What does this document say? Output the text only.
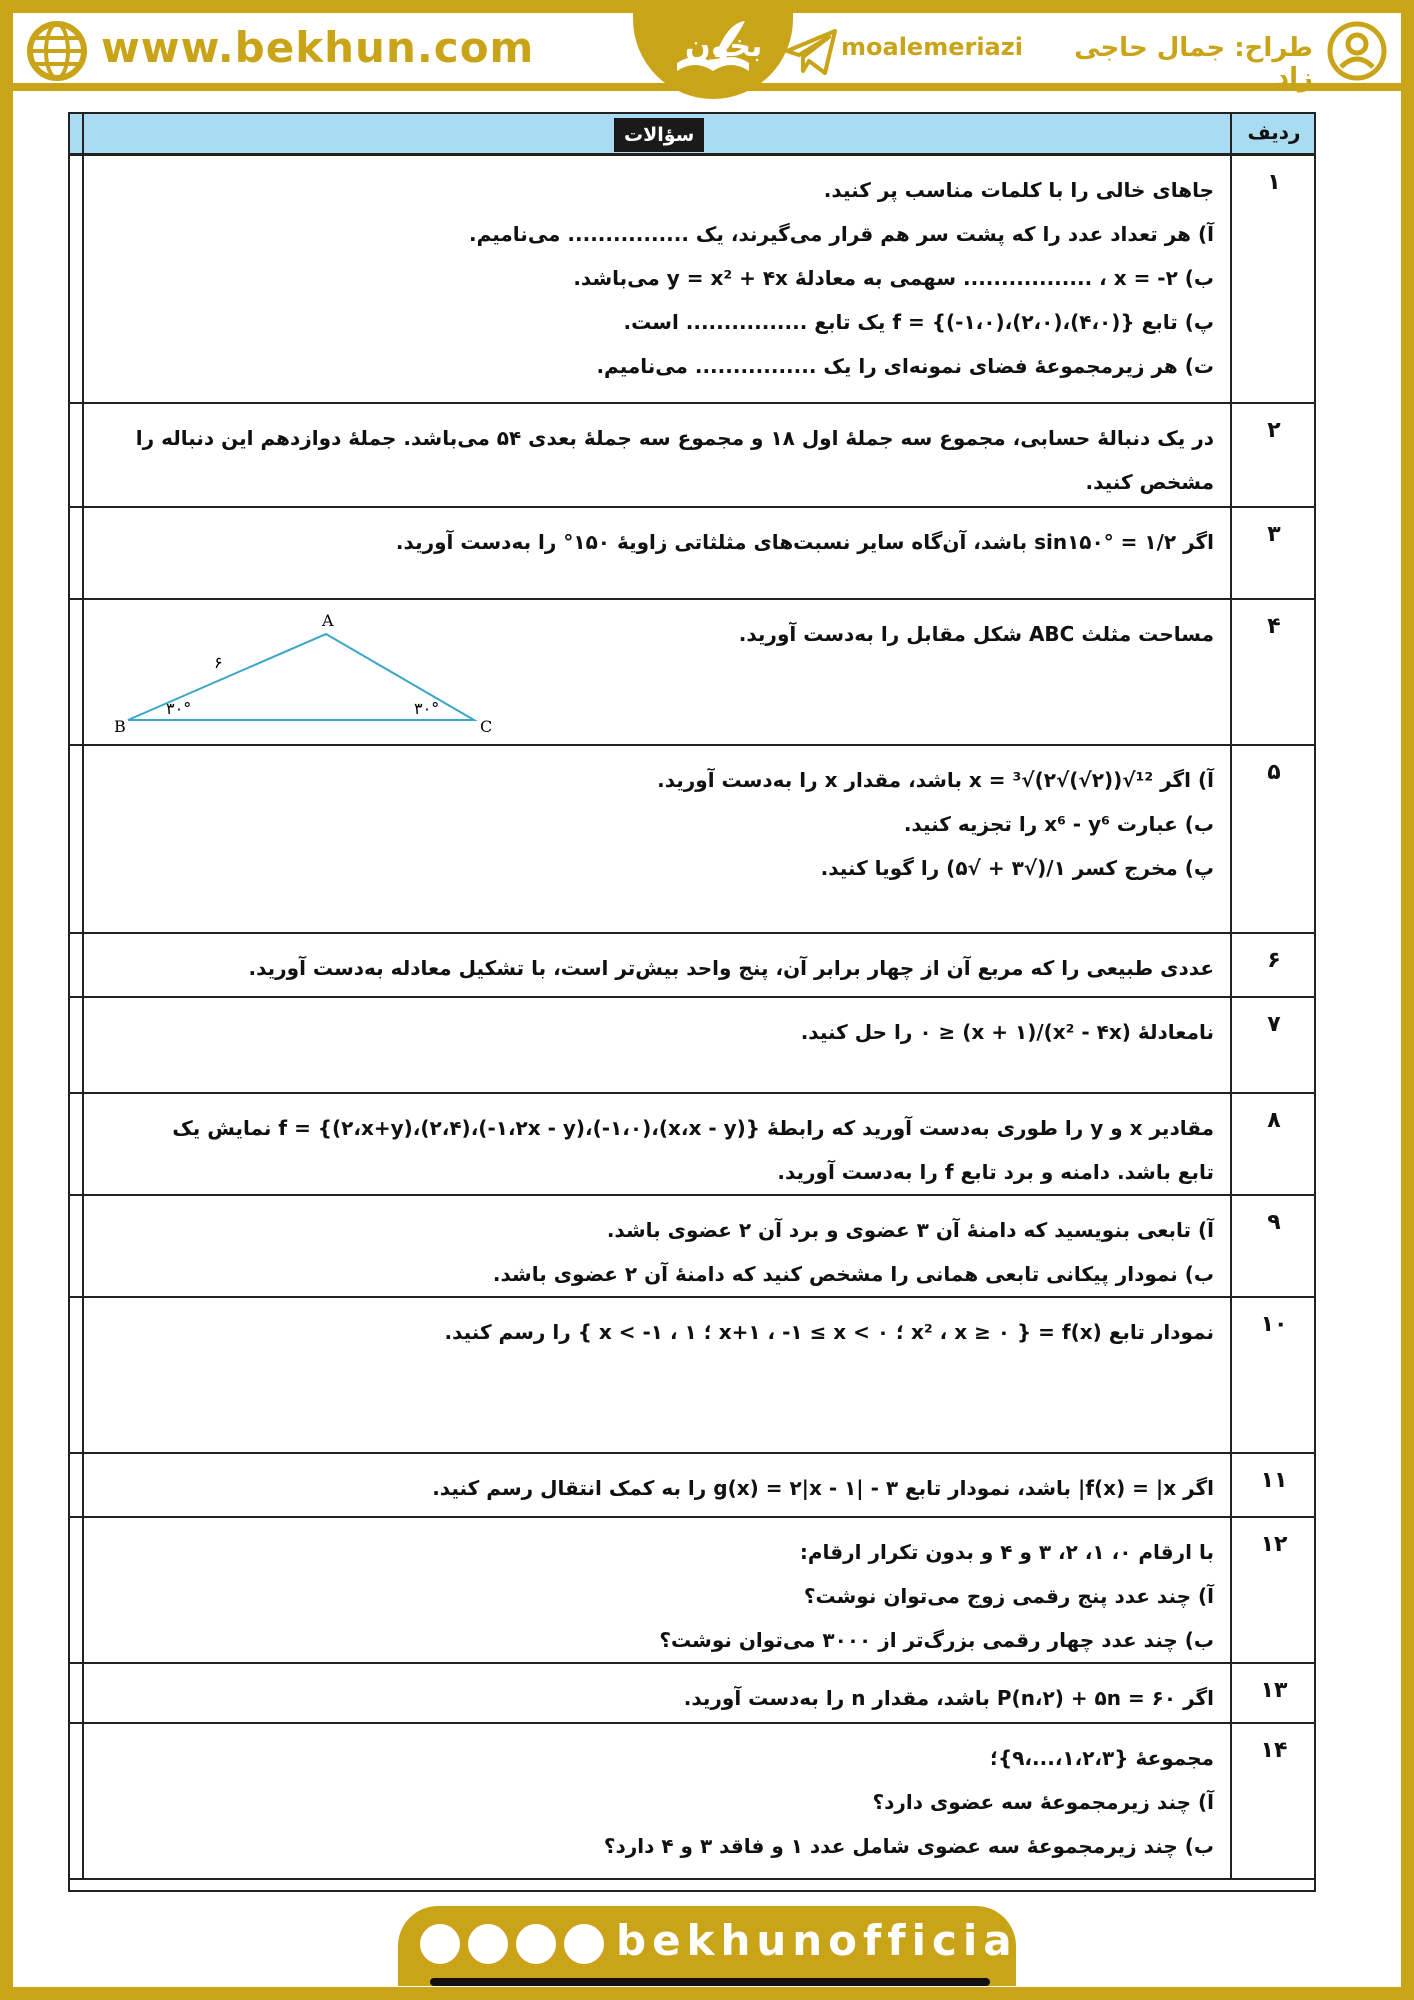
www.bekhun.com	بخون	moalemeriazi طراح: جمال حاجی زاد
سؤالات	ردیف
۱
جاهای خالی را با کلمات مناسب پر کنید.
آ) هر تعداد عدد را که پشت سر هم قرار می‌گیرند، یک ................ می‌نامیم.
ب) x = -۲ ، ................. سهمی به معادلهٔ y = x² + ۴x می‌باشد.
پ) تابع f = {(-۱،۰)،(۲،۰)،(۴،۰)} یک تابع ................ است.
ت) هر زیرمجموعهٔ فضای نمونه‌ای را یک ................ می‌نامیم.
۲
در یک دنبالهٔ حسابی، مجموع سه جملهٔ اول ۱۸ و مجموع سه جملهٔ بعدی ۵۴ می‌باشد. جملهٔ دوازدهم این دنباله را
مشخص کنید.
۳
اگر sin۱۵۰° = ۱/۲ باشد، آن‌گاه سایر نسبت‌های مثلثاتی زاویهٔ ۱۵۰° را به‌دست آورید.
۴
مساحت مثلث ABC شکل مقابل را به‌دست آورید.
A
B	C
۶
۳۰°	۳۰°
۵
آ) اگر ¹²√x = ³√(۲√(√۲)) باشد، مقدار x را به‌دست آورید.
ب) عبارت x⁶ - y⁶ را تجزیه کنید.
پ) مخرج کسر ۱/(√۳ + √۵) را گویا کنید.
۶
عددی طبیعی را که مربع آن از چهار برابر آن، پنج واحد بیش‌تر است، با تشکیل معادله به‌دست آورید.
۷
نامعادلهٔ (x² - ۴x)/(x + ۱) ≤ ۰ را حل کنید.
۸
مقادیر x و y را طوری به‌دست آورید که رابطهٔ f = {(۲،x+y)،(۲،۴)،(-۱،۲x - y)،(-۱،۰)،(x،x - y)} نمایش یک
تابع باشد. دامنه و برد تابع f را به‌دست آورید.
۹
آ) تابعی بنویسید که دامنهٔ آن ۳ عضوی و برد آن ۲ عضوی باشد.
ب) نمودار پیکانی تابعی همانی را مشخص کنید که دامنهٔ آن ۲ عضوی باشد.
۱۰
نمودار تابع f(x) = { x² ، x ≥ ۰ ؛ x+۱ ، -۱ ≤ x < ۰ ؛ ۱ ، x < -۱ } را رسم کنید.
۱۱
اگر f(x) = |x| باشد، نمودار تابع g(x) = ۲|x - ۱| - ۳ را به کمک انتقال رسم کنید.
۱۲
با ارقام ۰، ۱، ۲، ۳ و ۴ و بدون تکرار ارقام:
آ) چند عدد پنج رقمی زوج می‌توان نوشت؟
ب) چند عدد چهار رقمی بزرگ‌تر از ۳۰۰۰ می‌توان نوشت؟
۱۳
اگر P(n،۲) + ۵n = ۶۰ باشد، مقدار n را به‌دست آورید.
۱۴
مجموعهٔ {۱،۲،۳،...،۹}؛
آ) چند زیرمجموعهٔ سه عضوی دارد؟
ب) چند زیرمجموعهٔ سه عضوی شامل عدد ۱ و فاقد ۳ و ۴ دارد؟
bekhunofficial
